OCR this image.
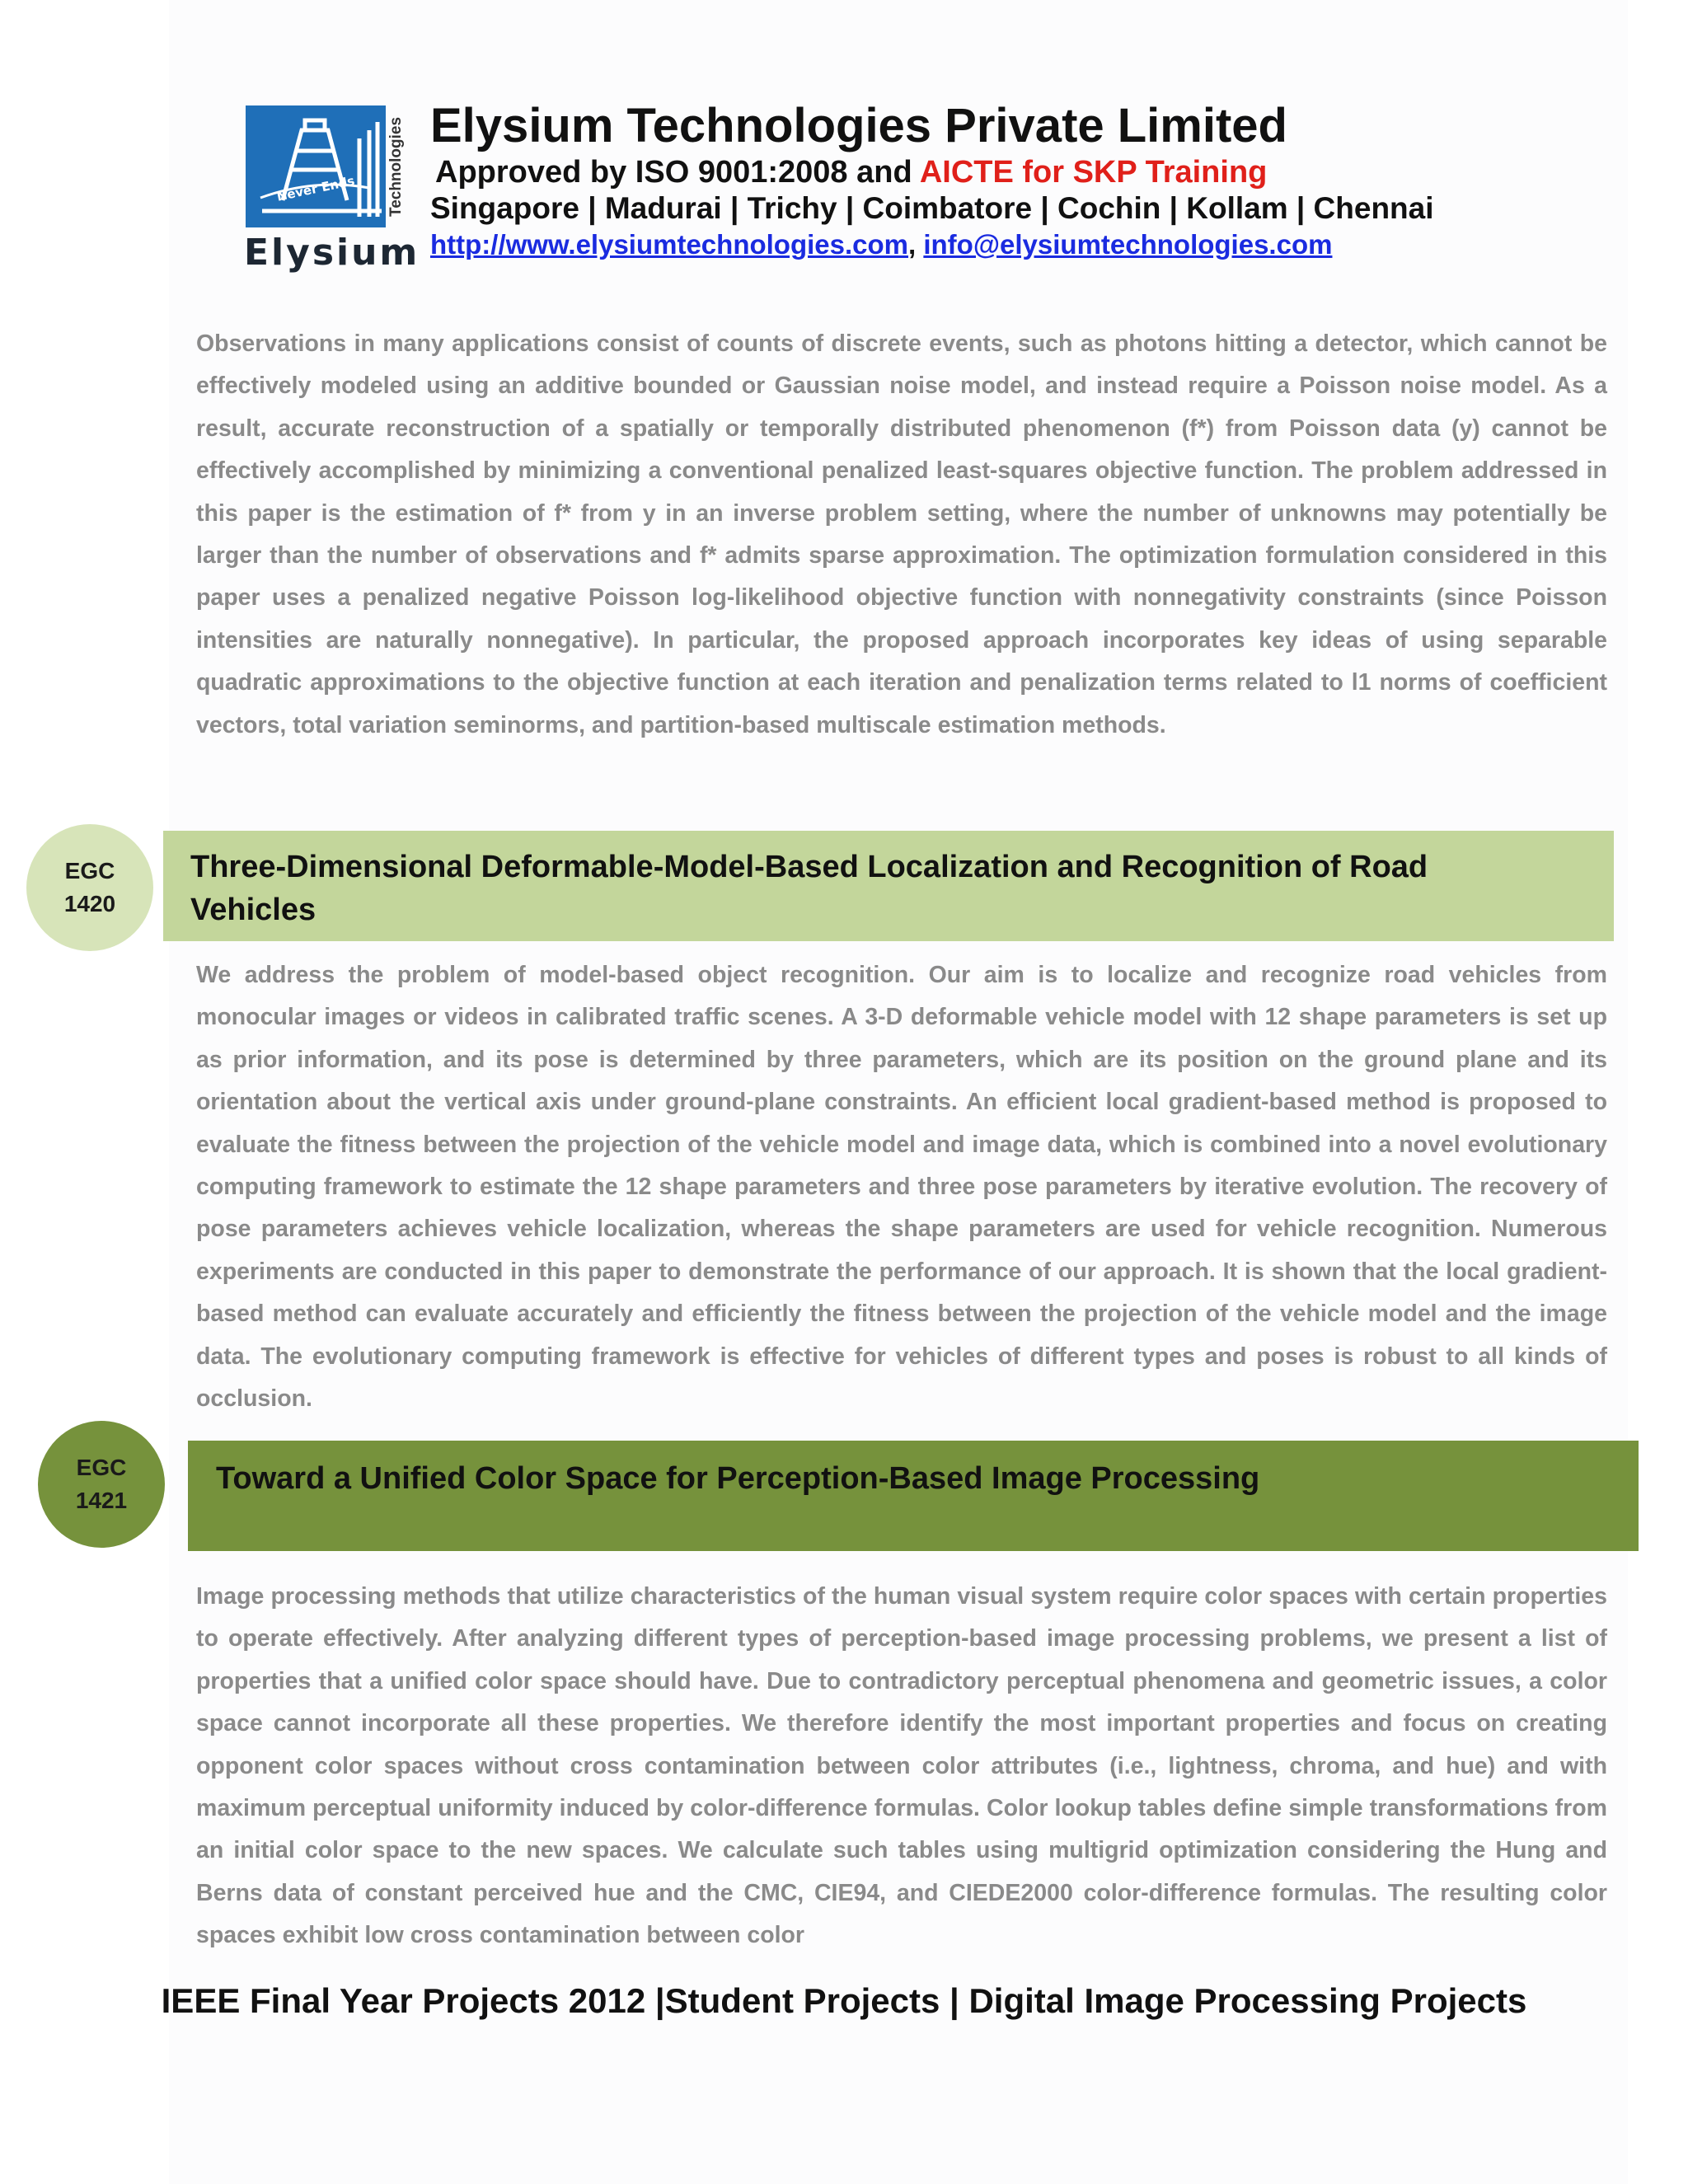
Never Ends	Technologies
Elysium
Elysium Technologies Private Limited
Approved by ISO 9001:2008 and AICTE for SKP Training
Singapore | Madurai | Trichy | Coimbatore | Cochin | Kollam | Chennai
http://www.elysiumtechnologies.com, info@elysiumtechnologies.com

Observations in many applications consist of counts of discrete events, such as photons hitting a detector, which cannot be effectively modeled using an additive bounded or Gaussian noise model, and instead require a Poisson noise model. As a result, accurate reconstruction of a spatially or temporally distributed phenomenon (f*) from Poisson data (y) cannot be effectively accomplished by minimizing a conventional penalized least-squares objective function. The problem addressed in this paper is the estimation of f* from y in an inverse problem setting, where the number of unknowns may potentially be larger than the number of observations and f* admits sparse approximation. The optimization formulation considered in this paper uses a penalized negative Poisson log-likelihood objective function with nonnegativity constraints (since Poisson intensities are naturally nonnegative). In particular, the proposed approach incorporates key ideas of using separable quadratic approximations to the objective function at each iteration and penalization terms related to l1 norms of coefficient vectors, total variation seminorms, and partition-based multiscale estimation methods.

Three-Dimensional Deformable-Model-Based Localization and Recognition of Road Vehicles
EGC
1420

We address the problem of model-based object recognition. Our aim is to localize and recognize road vehicles from monocular images or videos in calibrated traffic scenes. A 3-D deformable vehicle model with 12 shape parameters is set up as prior information, and its pose is determined by three parameters, which are its position on the ground plane and its orientation about the vertical axis under ground-plane constraints. An efficient local gradient-based method is proposed to evaluate the fitness between the projection of the vehicle model and image data, which is combined into a novel evolutionary computing framework to estimate the 12 shape parameters and three pose parameters by iterative evolution. The recovery of pose parameters achieves vehicle localization, whereas the shape parameters are used for vehicle recognition. Numerous experiments are conducted in this paper to demonstrate the performance of our approach. It is shown that the local gradient-based method can evaluate accurately and efficiently the fitness between the projection of the vehicle model and the image data. The evolutionary computing framework is effective for vehicles of different types and poses is robust to all kinds of occlusion.

Toward a Unified Color Space for Perception-Based Image Processing
EGC
1421

Image processing methods that utilize characteristics of the human visual system require color spaces with certain properties to operate effectively. After analyzing different types of perception-based image processing problems, we present a list of properties that a unified color space should have. Due to contradictory perceptual phenomena and geometric issues, a color space cannot incorporate all these properties. We therefore identify the most important properties and focus on creating opponent color spaces without cross contamination between color attributes (i.e., lightness, chroma, and hue) and with maximum perceptual uniformity induced by color-difference formulas. Color lookup tables define simple transformations from an initial color space to the new spaces. We calculate such tables using multigrid optimization considering the Hung and Berns data of constant perceived hue and the CMC, CIE94, and CIEDE2000 color-difference formulas. The resulting color spaces exhibit low cross contamination between color

IEEE Final Year Projects 2012 |Student Projects | Digital Image Processing Projects
